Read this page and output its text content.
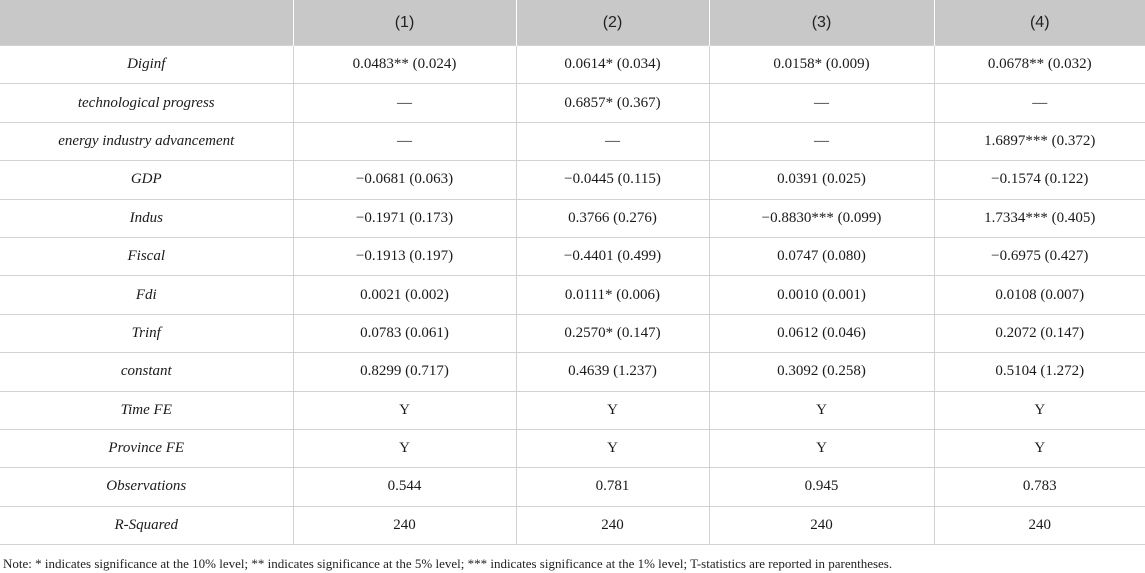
	(1)	(2)	(3)	(4)
Diginf	0.0483** (0.024)	0.0614* (0.034)	0.0158* (0.009)	0.0678** (0.032)
technological progress	—	0.6857* (0.367)	—	—
energy industry advancement	—	—	—	1.6897*** (0.372)
GDP	−0.0681 (0.063)	−0.0445 (0.115)	0.0391 (0.025)	−0.1574 (0.122)
Indus	−0.1971 (0.173)	0.3766 (0.276)	−0.8830*** (0.099)	1.7334*** (0.405)
Fiscal	−0.1913 (0.197)	−0.4401 (0.499)	0.0747 (0.080)	−0.6975 (0.427)
Fdi	0.0021 (0.002)	0.0111* (0.006)	0.0010 (0.001)	0.0108 (0.007)
Trinf	0.0783 (0.061)	0.2570* (0.147)	0.0612 (0.046)	0.2072 (0.147)
constant	0.8299 (0.717)	0.4639 (1.237)	0.3092 (0.258)	0.5104 (1.272)
Time FE	Y	Y	Y	Y
Province FE	Y	Y	Y	Y
Observations	0.544	0.781	0.945	0.783
R-Squared	240	240	240	240
Note: * indicates significance at the 10% level; ** indicates significance at the 5% level; *** indicates significance at the 1% level; T-statistics are reported in parentheses.
